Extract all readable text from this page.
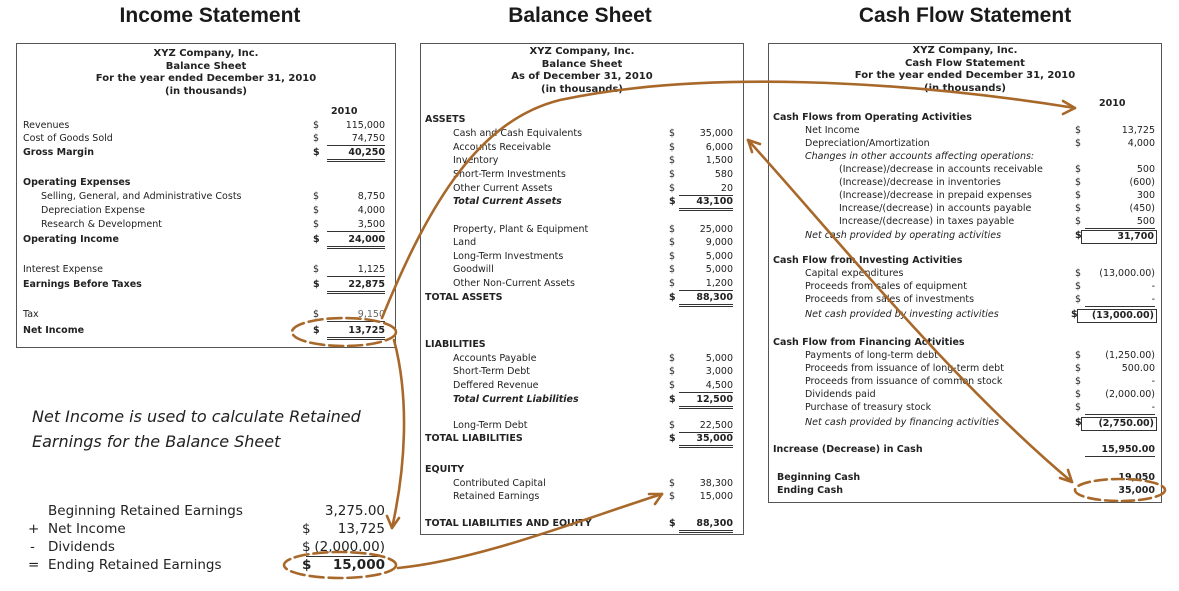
Income Statement	Balance Sheet	Cash Flow Statement
XYZ Company, Inc.
Balance Sheet
For the year ended December 31, 2010
(in thousands)
2010
Revenues	$	115,000
Cost of Goods Sold	$	74,750
Gross Margin	$	40,250
Operating Expenses
Selling, General, and Administrative Costs	$	8,750
Depreciation Expense	$	4,000
Research & Development	$	3,500
Operating Income	$	24,000
Interest Expense	$	1,125
Earnings Before Taxes	$	22,875
Tax	$	9,150
Net Income	$	13,725
XYZ Company, Inc.
Balance Sheet
As of December 31, 2010
(in thousands)
ASSETS
Cash and Cash Equivalents	$	35,000
Accounts Receivable	$	6,000
Inventory	$	1,500
Short-Term Investments	$	580
Other Current Assets	$	20
Total Current Assets	$	43,100
Property, Plant & Equipment	$	25,000
Land	$	9,000
Long-Term Investments	$	5,000
Goodwill	$	5,000
Other Non-Current Assets	$	1,200
TOTAL ASSETS	$	88,300
LIABILITIES
Accounts Payable	$	5,000
Short-Term Debt	$	3,000
Deffered Revenue	$	4,500
Total Current Liabilities	$	12,500
Long-Term Debt	$	22,500
TOTAL LIABILITIES	$	35,000
EQUITY
Contributed Capital	$	38,300
Retained Earnings	$	15,000
TOTAL LIABILITIES AND EQUITY	$	88,300
XYZ Company, Inc.
Cash Flow Statement
For the year ended December 31, 2010
(in thousands)
2010
Cash Flows from Operating Activities
Net Income	$	13,725
Depreciation/Amortization	$	4,000
Changes in other accounts affecting operations:
(Increase)/decrease in accounts receivable	$	500
(Increase)/decrease in inventories	$	(600)
(Increase)/decrease in prepaid expenses	$	300
Increase/(decrease) in accounts payable	$	(450)
Increase/(decrease) in taxes payable	$	500
Net cash provided by operating activities	$	31,700
Cash Flow from Investing Activities
Capital expenditures	$	(13,000.00)
Proceeds from sales of equipment	$	-
Proceeds from sales of investments	$	-
Net cash provided by investing activities	$	(13,000.00)
Cash Flow from Financing Activities
Payments of long-term debt	$	(1,250.00)
Proceeds from issuance of long-term debt	$	500.00
Proceeds from issuance of common stock	$	-
Dividends paid	$	(2,000.00)
Purchase of treasury stock	$	-
Net cash provided by financing activities	$	(2,750.00)
Increase (Decrease) in Cash	15,950.00
Beginning Cash	19,050
Ending Cash	35,000
Net Income is used to calculate Retained
Earnings for the Balance Sheet
Beginning Retained Earnings	3,275.00
+ Net Income	$	13,725
- Dividends	$ (2,000.00)
= Ending Retained Earnings	$	15,000
